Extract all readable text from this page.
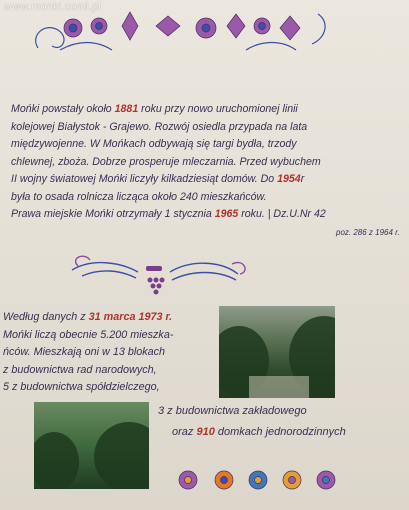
www.monki.coml.pl
Mońki powstały około 1881 roku przy nowo uruchomionej linii
kolejowej Białystok - Grajewo. Rozwój osiedla przypada na lata
międzywojenne. W Mońkach odbywają się targi bydła, trzody
chlewnej, zboża. Dobrze prosperuje mleczarnia. Przed wybuchem
II wojny światowej Mońki liczyły kilkadziesiąt domów. Do 1954r
była to osada rolnicza licząca około 240 mieszkańców.
Prawa miejskie Mońki otrzymały 1 stycznia 1965 roku. | Dz.U.Nr 42
poz. 286 z 1964 r.
Według danych z 31 marca 1973 r.
Mońki liczą obecnie 5.200 mieszka-
ńców. Mieszkają oni w 13 blokach
z budownictwa rad narodowych,
5 z budownictwa spółdzielczego,
3 z budownictwa zakładowego
oraz 910 domkach jednorodzinnych
